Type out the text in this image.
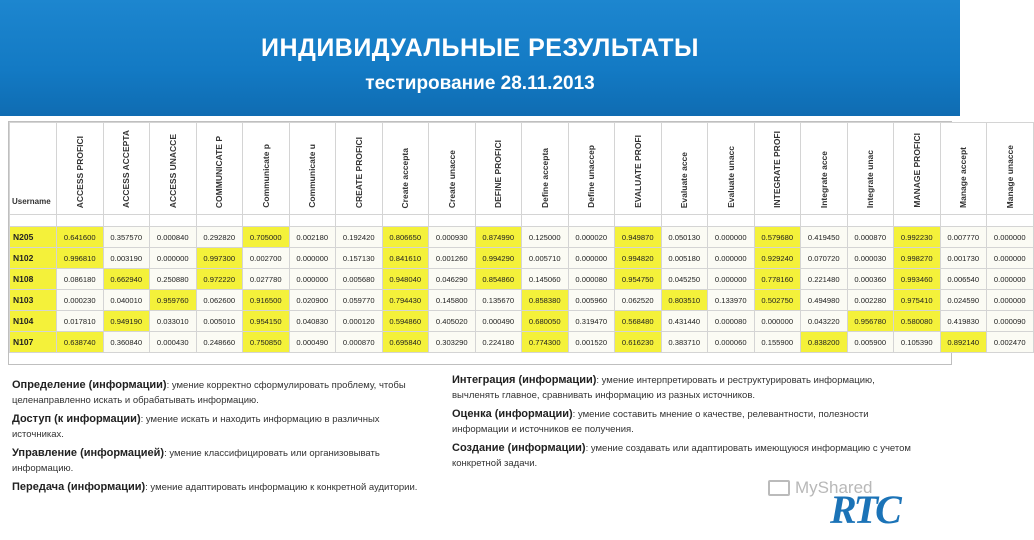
ИНДИВИДУАЛЬНЫЕ РЕЗУЛЬТАТЫ
тестирование 28.11.2013
Username	ACCESS PROFICI	ACCESS ACCEPTA	ACCESS UNACCE	COMMUNICATE P	Communicate p	Communicate u	CREATE PROFICI	Create accepta	Create unacce	DEFINE PROFICI	Define accepta	Define unaccep	EVALUATE PROFI	Evaluate acce	Evaluate unacc	INTEGRATE PROFI	Integrate acce	Integrate unac	MANAGE PROFICI	Manage accept	Manage unacce

N205	0.641600	0.357570	0.000840	0.292820	0.705000	0.002180	0.192420	0.806650	0.000930	0.874990	0.125000	0.000020	0.949870	0.050130	0.000000	0.579680	0.419450	0.000870	0.992230	0.007770	0.000000
N102	0.996810	0.003190	0.000000	0.997300	0.002700	0.000000	0.157130	0.841610	0.001260	0.994290	0.005710	0.000000	0.994820	0.005180	0.000000	0.929240	0.070720	0.000030	0.998270	0.001730	0.000000
N108	0.086180	0.662940	0.250880	0.972220	0.027780	0.000000	0.005680	0.948040	0.046290	0.854860	0.145060	0.000080	0.954750	0.045250	0.000000	0.778160	0.221480	0.000360	0.993460	0.006540	0.000000
N103	0.000230	0.040010	0.959760	0.062600	0.916500	0.020900	0.059770	0.794430	0.145800	0.135670	0.858380	0.005960	0.062520	0.803510	0.133970	0.502750	0.494980	0.002280	0.975410	0.024590	0.000000
N104	0.017810	0.949190	0.033010	0.005010	0.954150	0.040830	0.000120	0.594860	0.405020	0.000490	0.680050	0.319470	0.568480	0.431440	0.000080	0.000000	0.043220	0.956780	0.580080	0.419830	0.000090
N107	0.638740	0.360840	0.000430	0.248660	0.750850	0.000490	0.000870	0.695840	0.303290	0.224180	0.774300	0.001520	0.616230	0.383710	0.000060	0.155900	0.838200	0.005900	0.105390	0.892140	0.002470
Определение (информации): умение корректно сформулировать проблему, чтобы целенаправленно искать и обрабатывать информацию.
Доступ (к информации): умение искать и находить информацию в различных источниках.
Управление (информацией): умение классифицировать или организовывать информацию.
Передача (информации): умение адаптировать информацию к конкретной аудитории.
Интеграция (информации): умение интерпретировать и реструктурировать информацию, вычленять главное, сравнивать информацию из разных источников.
Оценка (информации): умение составить мнение о качестве, релевантности, полезности информации и источников ее получения.
Создание (информации): умение создавать или адаптировать имеющуюся информацию с учетом конкретной задачи.
MyShared
RTC
